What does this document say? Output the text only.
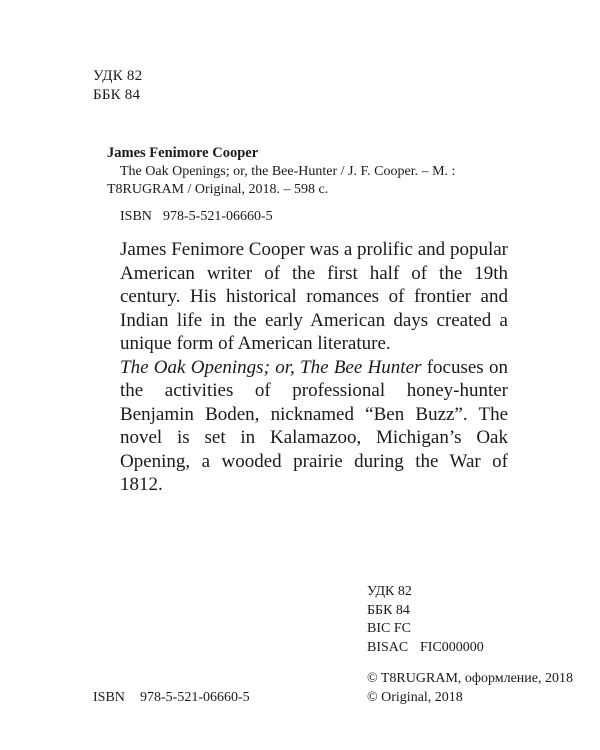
УДК 82
ББК 84
James Fenimore Cooper
The Oak Openings; or, the Bee-Hunter / J. F. Cooper. – M. :
T8RUGRAM / Original, 2018. – 598 c.
ISBN 978-5-521-06660-5

James Fenimore Cooper was a prolific and popular American writer of the first half of the 19th century. His historical romances of frontier and Indian life in the early American days created a unique form of American literature.

The Oak Openings; or, The Bee Hunter focuses on the activities of professional honey-hunter Benjamin Boden, nicknamed “Ben Buzz”. The novel is set in Kalamazoo, Michigan’s Oak Opening, a wooded prairie during the War of 1812.

УДК 82
ББК 84
BIC FC
BISAC FIC000000
ISBN 978-5-521-06660-5
© T8RUGRAM, оформление, 2018
© Original, 2018
